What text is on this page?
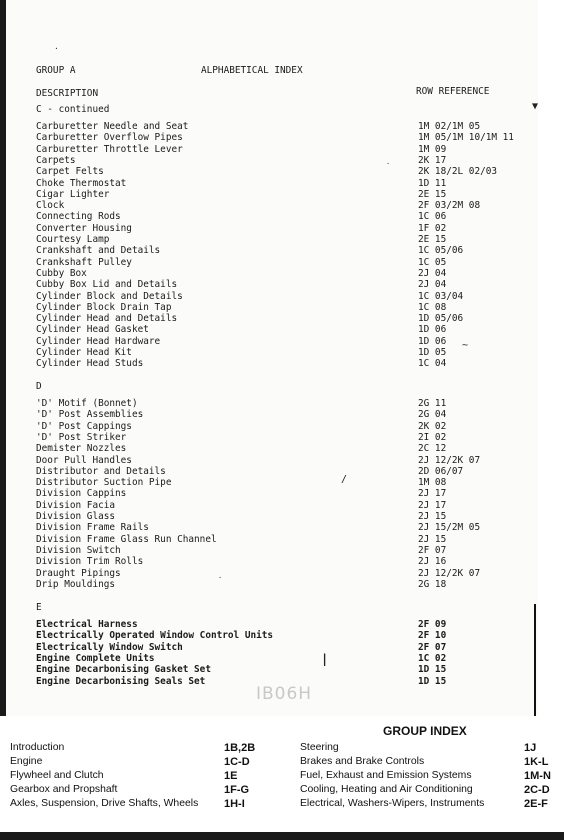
GROUP A	ALPHABETICAL INDEX
DESCRIPTION	ROW REFERENCE
·
▼
·
~
/
·
|
C - continued
Carburetter Needle and Seat	1M 02/1M 05
Carburetter Overflow Pipes	1M 05/1M 10/1M 11
Carburetter Throttle Lever	1M 09
Carpets	2K 17
Carpet Felts	2K 18/2L 02/03
Choke Thermostat	1D 11
Cigar Lighter	2E 15
Clock	2F 03/2M 08
Connecting Rods	1C 06
Converter Housing	1F 02
Courtesy Lamp	2E 15
Crankshaft and Details	1C 05/06
Crankshaft Pulley	1C 05
Cubby Box	2J 04
Cubby Box Lid and Details	2J 04
Cylinder Block and Details	1C 03/04
Cylinder Block Drain Tap	1C 08
Cylinder Head and Details	1D 05/06
Cylinder Head Gasket	1D 06
Cylinder Head Hardware	1D 06
Cylinder Head Kit	1D 05
Cylinder Head Studs	1C 04
D
'D' Motif (Bonnet)	2G 11
'D' Post Assemblies	2G 04
'D' Post Cappings	2K 02
'D' Post Striker	2I 02
Demister Nozzles	2C 12
Door Pull Handles	2J 12/2K 07
Distributor and Details	2D 06/07
Distributor Suction Pipe	1M 08
Division Cappins	2J 17
Division Facia	2J 17
Division Glass	2J 15
Division Frame Rails	2J 15/2M 05
Division Frame Glass Run Channel	2J 15
Division Switch	2F 07
Division Trim Rolls	2J 16
Draught Pipings	2J 12/2K 07
Drip Mouldings	2G 18
E
Electrical Harness	2F 09
Electrically Operated Window Control Units	2F 10
Electrically Window Switch	2F 07
Engine Complete Units	1C 02
Engine Decarbonising Gasket Set	1D 15
Engine Decarbonising Seals Set	1D 15
IB06H
GROUP INDEX
Introduction	1B,2B
Engine	1C-D
Flywheel and Clutch	1E
Gearbox and Propshaft	1F-G
Axles, Suspension, Drive Shafts, Wheels 1H-I
Steering	1J
Brakes and Brake Controls	1K-L
Fuel, Exhaust and Emission Systems	1M-N
Cooling, Heating and Air Conditioning	2C-D
Electrical, Washers-Wipers, Instruments	2E-F
